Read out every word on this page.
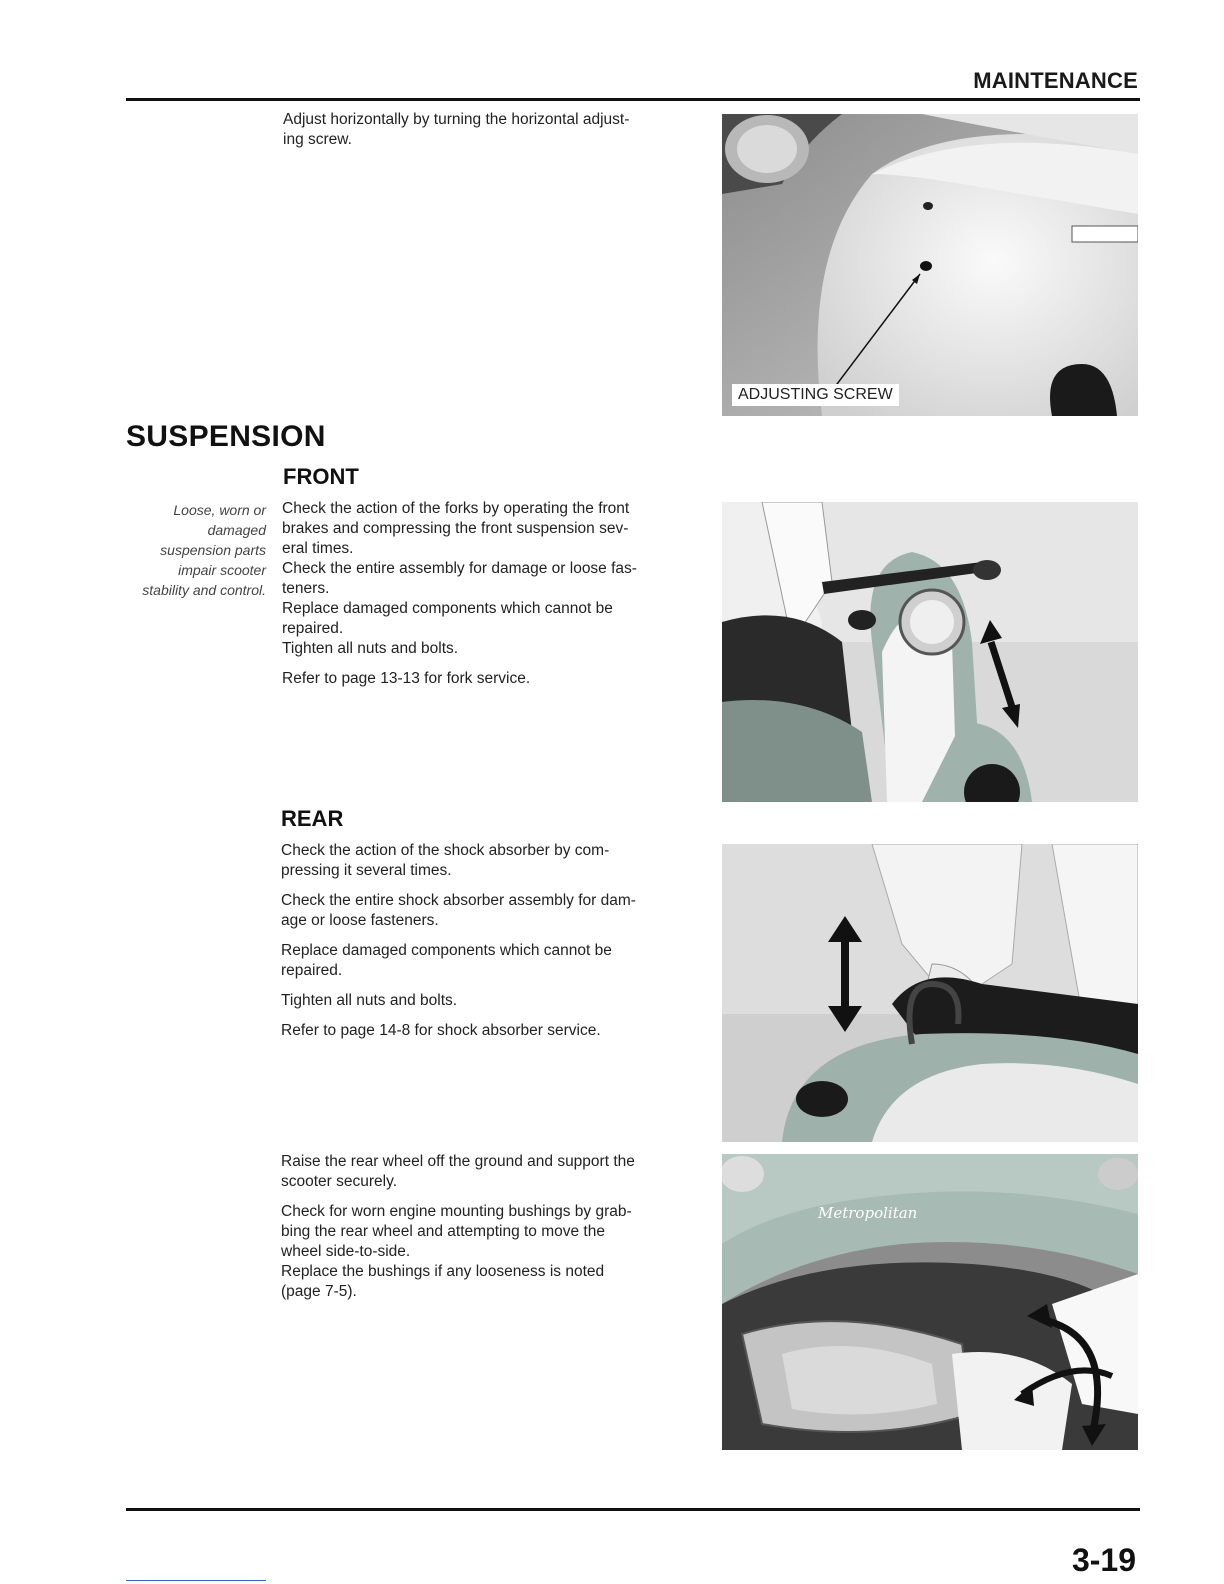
MAINTENANCE

Adjust horizontally by turning the horizontal adjust-

ing screw.

ADJUSTING SCREW
SUSPENSION
FRONT
Loose, worn or
damaged
suspension parts
impair scooter
stability and control.

Check the action of the forks by operating the front

brakes and compressing the front suspension sev-

eral times.

Check the entire assembly for damage or loose fas-

teners.

Replace damaged components which cannot be

repaired.

Tighten all nuts and bolts.

Refer to page 13-13 for fork service.

REAR

Check the action of the shock absorber by com-

pressing it several times.

Check the entire shock absorber assembly for dam-

age or loose fasteners.

Replace damaged components which cannot be

repaired.

Tighten all nuts and bolts.

Refer to page 14-8 for shock absorber service.

Raise the rear wheel off the ground and support the

scooter securely.

Check for worn engine mounting bushings by grab-

bing the rear wheel and attempting to move the

wheel side-to-side.

Replace the bushings if any looseness is noted

(page 7-5).

Metropolitan
3-19
